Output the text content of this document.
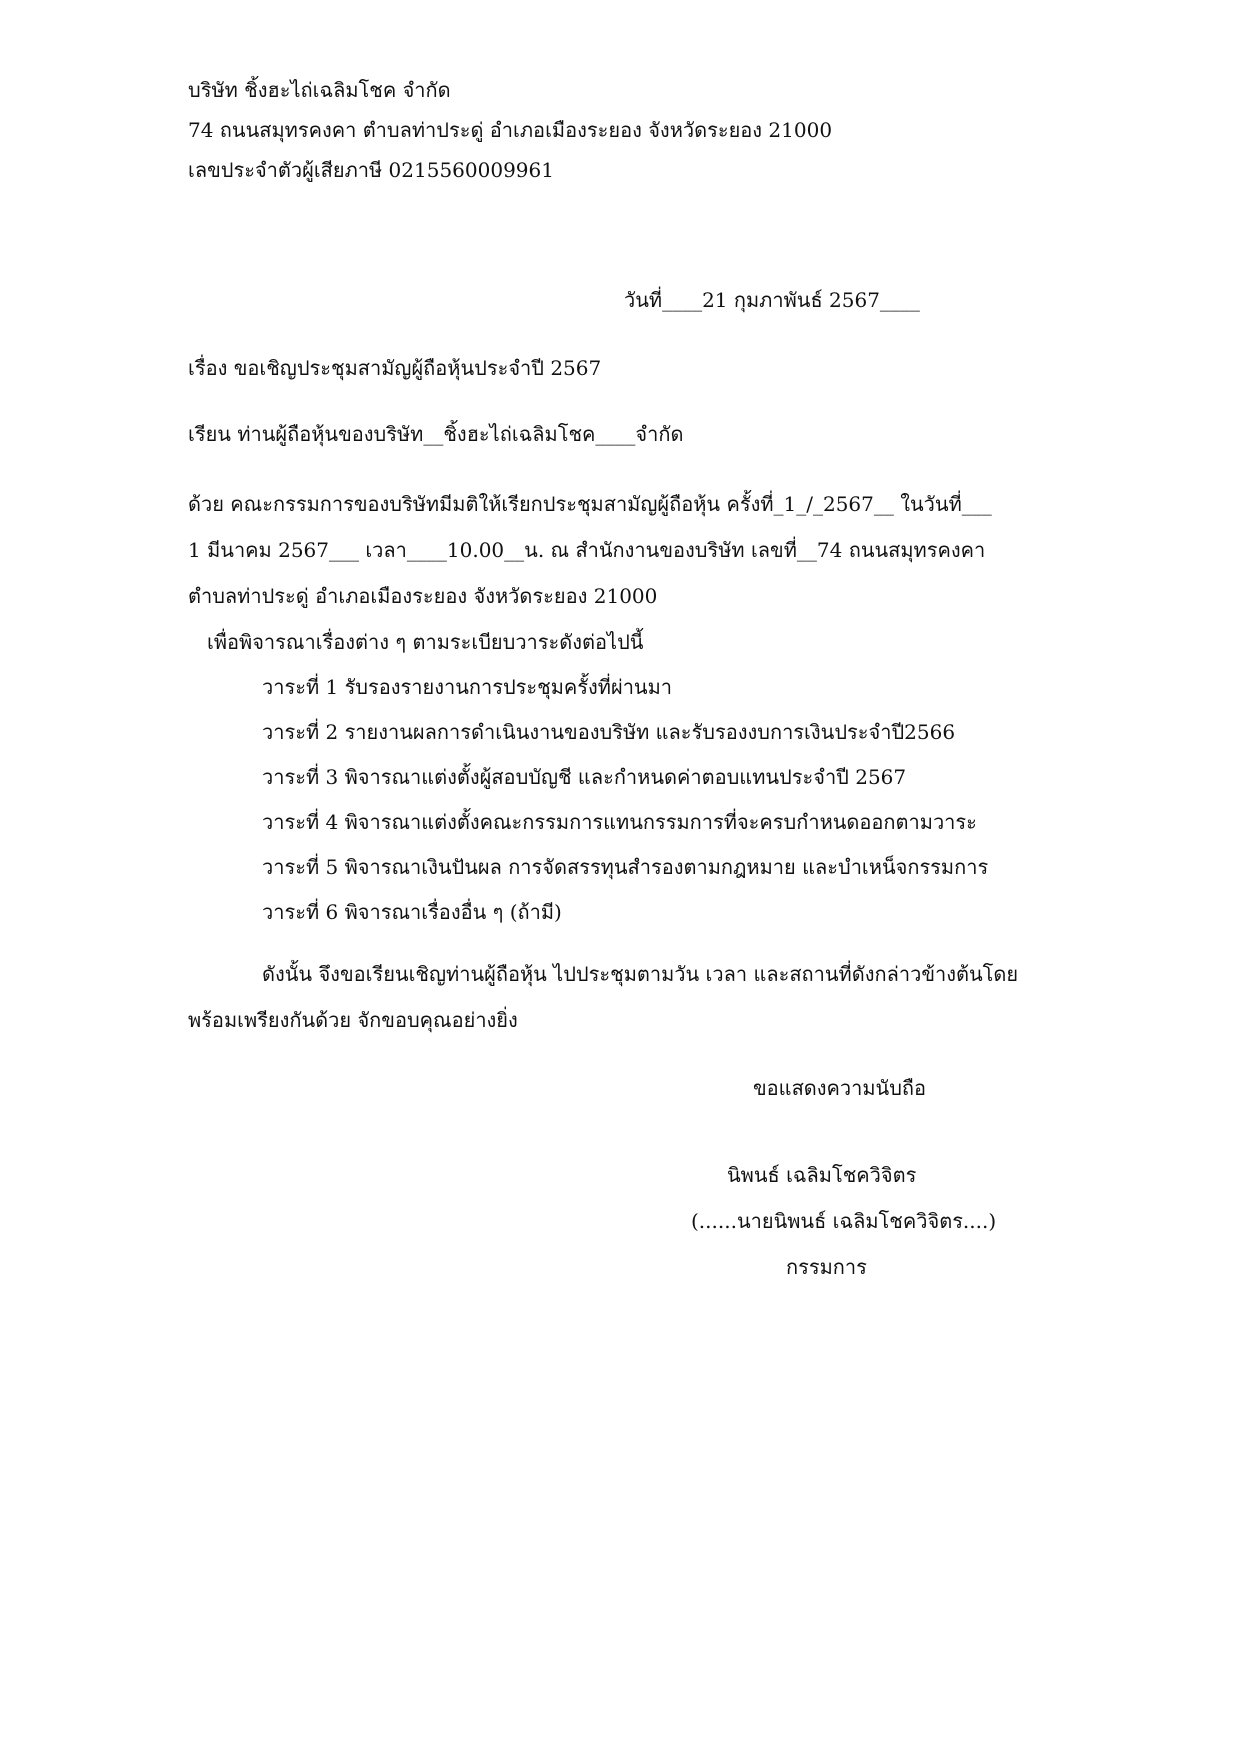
บริษัท ชิ้งฮะไถ่เฉลิมโชค จำกัด
74 ถนนสมุทรคงคา ตำบลท่าประดู่ อำเภอเมืองระยอง จังหวัดระยอง 21000
เลขประจำตัวผู้เสียภาษี 0215560009961
วันที่____21 กุมภาพันธ์ 2567____
เรื่อง ขอเชิญประชุมสามัญผู้ถือหุ้นประจำปี 2567
เรียน ท่านผู้ถือหุ้นของบริษัท__ชิ้งฮะไถ่เฉลิมโชค____จำกัด
ด้วย คณะกรรมการของบริษัทมีมติให้เรียกประชุมสามัญผู้ถือหุ้น ครั้งที่_1_/_2567__ ในวันที่___
1 มีนาคม 2567___ เวลา____10.00__น. ณ สำนักงานของบริษัท เลขที่__74 ถนนสมุทรคงคา
ตำบลท่าประดู่ อำเภอเมืองระยอง จังหวัดระยอง 21000
เพื่อพิจารณาเรื่องต่าง ๆ ตามระเบียบวาระดังต่อไปนี้
วาระที่ 1 รับรองรายงานการประชุมครั้งที่ผ่านมา
วาระที่ 2 รายงานผลการดำเนินงานของบริษัท และรับรองงบการเงินประจำปี2566
วาระที่ 3 พิจารณาแต่งตั้งผู้สอบบัญชี และกำหนดค่าตอบแทนประจำปี 2567
วาระที่ 4 พิจารณาแต่งตั้งคณะกรรมการแทนกรรมการที่จะครบกำหนดออกตามวาระ
วาระที่ 5 พิจารณาเงินปันผล การจัดสรรทุนสำรองตามกฎหมาย และบำเหน็จกรรมการ
วาระที่ 6 พิจารณาเรื่องอื่น ๆ (ถ้ามี)
ดังนั้น จึงขอเรียนเชิญท่านผู้ถือหุ้น ไปประชุมตามวัน เวลา และสถานที่ดังกล่าวข้างต้นโดย
พร้อมเพรียงกันด้วย จักขอบคุณอย่างยิ่ง
ขอแสดงความนับถือ
นิพนธ์ เฉลิมโชควิจิตร
(......นายนิพนธ์ เฉลิมโชควิจิตร....)
กรรมการ
